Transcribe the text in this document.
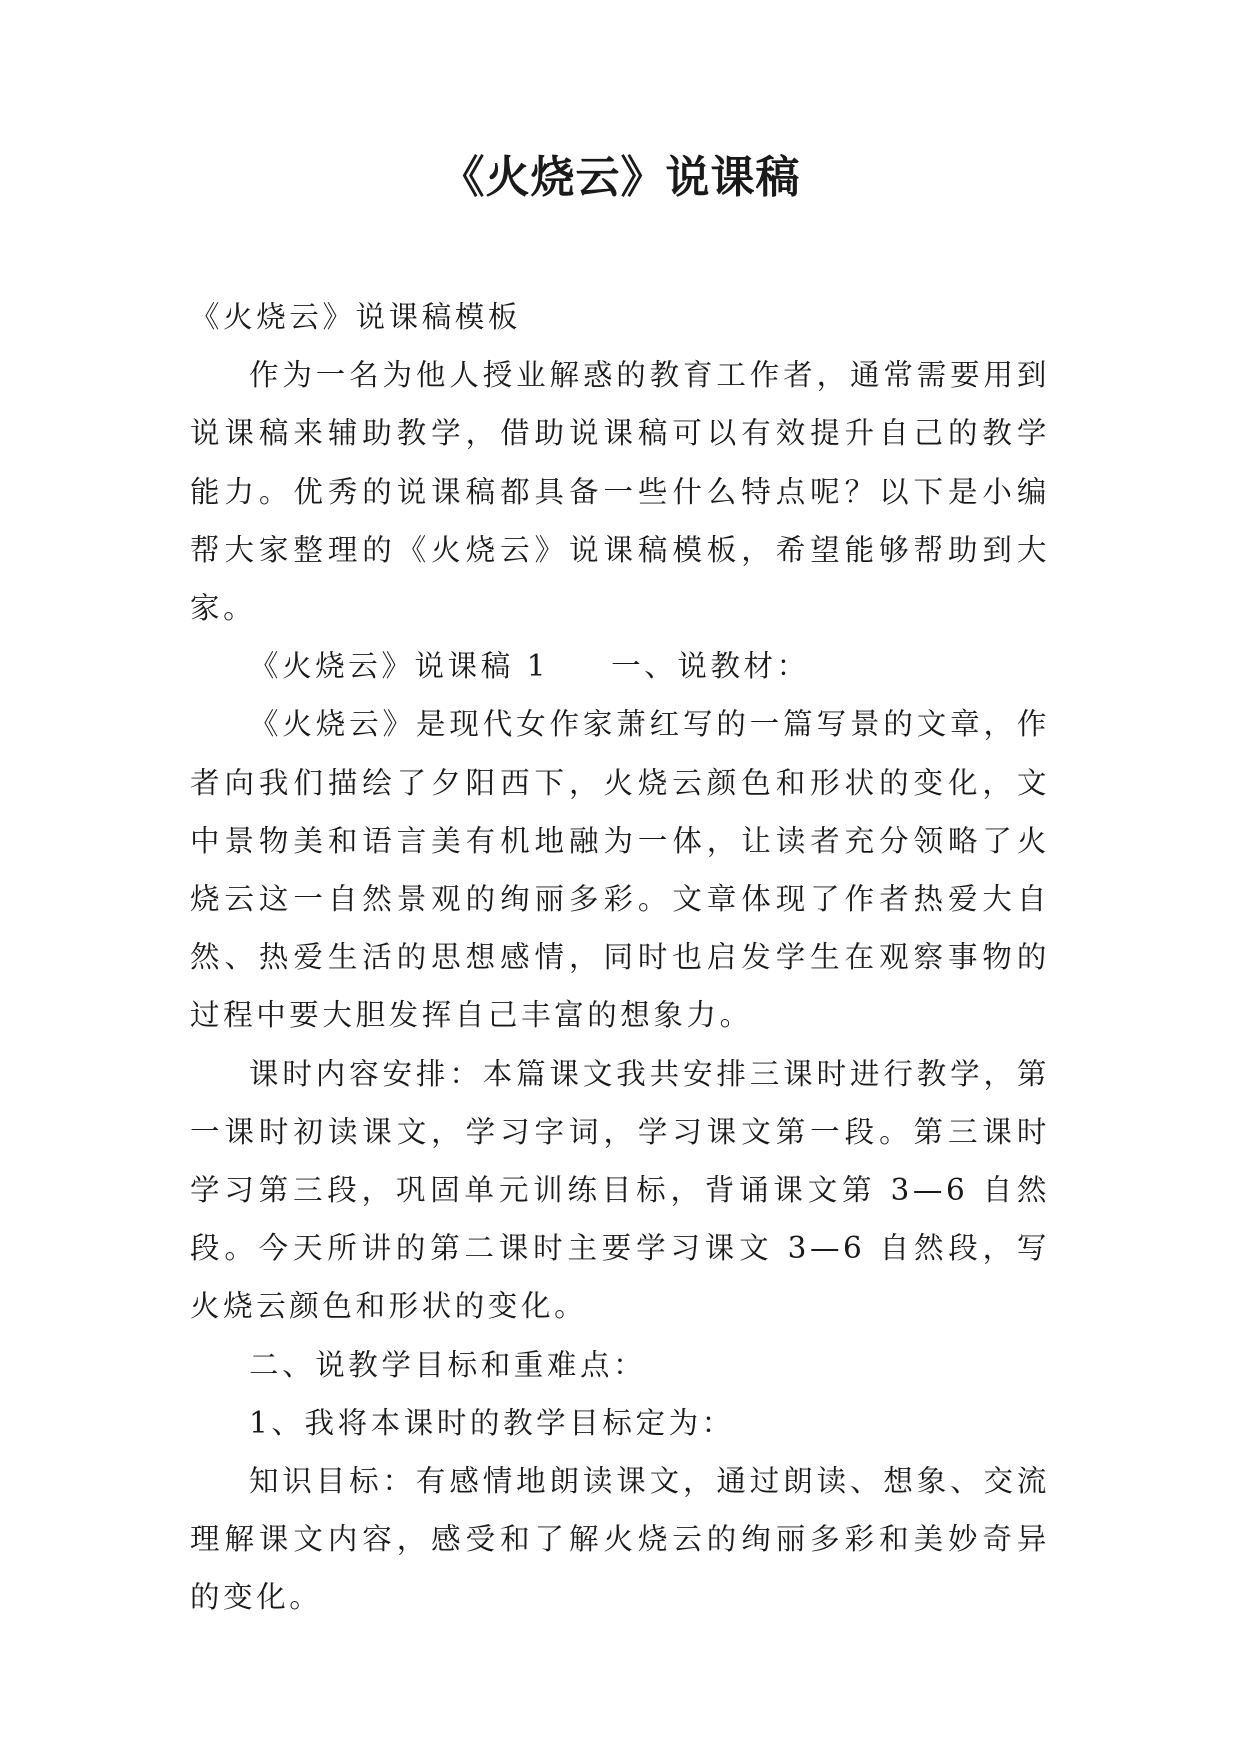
《火烧云》说课稿

《火烧云》说课稿模板

作为一名为他人授业解惑的教育工作者，通常需要用到说课稿来辅助教学，借助说课稿可以有效提升自己的教学能力。优秀的说课稿都具备一些什么特点呢？以下是小编帮大家整理的《火烧云》说课稿模板，希望能够帮助到大家。

《火烧云》说课稿 1 一、说教材：

《火烧云》是现代女作家萧红写的一篇写景的文章，作者向我们描绘了夕阳西下，火烧云颜色和形状的变化，文中景物美和语言美有机地融为一体，让读者充分领略了火烧云这一自然景观的绚丽多彩。文章体现了作者热爱大自然、热爱生活的思想感情，同时也启发学生在观察事物的过程中要大胆发挥自己丰富的想象力。

课时内容安排：本篇课文我共安排三课时进行教学，第一课时初读课文，学习字词，学习课文第一段。第三课时学习第三段，巩固单元训练目标，背诵课文第 3—6 自然段。今天所讲的第二课时主要学习课文 3—6 自然段，写火烧云颜色和形状的变化。

二、说教学目标和重难点：

1、我将本课时的教学目标定为：

知识目标：有感情地朗读课文，通过朗读、想象、交流理解课文内容，感受和了解火烧云的绚丽多彩和美妙奇异的变化。
